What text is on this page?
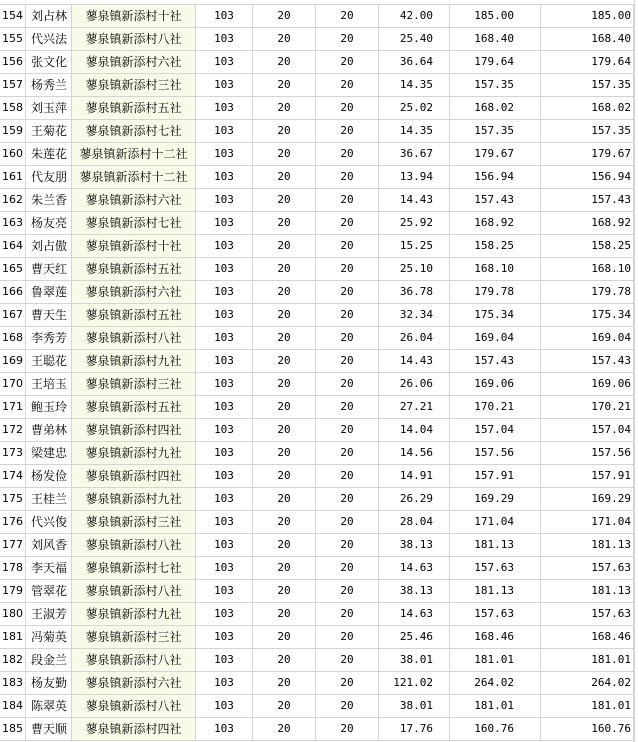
154 刘占林	蓼泉镇新添村十社	103	20	20	42.00	185.00	185.00
155 代兴法	蓼泉镇新添村八社	103	20	20	25.40	168.40	168.40
156 张文化	蓼泉镇新添村六社	103	20	20	36.64	179.64	179.64
157 杨秀兰	蓼泉镇新添村三社	103	20	20	14.35	157.35	157.35
158 刘玉萍	蓼泉镇新添村五社	103	20	20	25.02	168.02	168.02
159 王菊花	蓼泉镇新添村七社	103	20	20	14.35	157.35	157.35
160 朱莲花	蓼泉镇新添村十二社	103	20	20	36.67	179.67	179.67
161 代友朋	蓼泉镇新添村十二社	103	20	20	13.94	156.94	156.94
162 朱兰香	蓼泉镇新添村六社	103	20	20	14.43	157.43	157.43
163 杨友亮	蓼泉镇新添村七社	103	20	20	25.92	168.92	168.92
164 刘占傲	蓼泉镇新添村十社	103	20	20	15.25	158.25	158.25
165 曹天红	蓼泉镇新添村五社	103	20	20	25.10	168.10	168.10
166 鲁翠莲	蓼泉镇新添村六社	103	20	20	36.78	179.78	179.78
167 曹天生	蓼泉镇新添村五社	103	20	20	32.34	175.34	175.34
168 李秀芳	蓼泉镇新添村八社	103	20	20	26.04	169.04	169.04
169 王聪花	蓼泉镇新添村九社	103	20	20	14.43	157.43	157.43
170 王培玉	蓼泉镇新添村三社	103	20	20	26.06	169.06	169.06
171 鲍玉玲	蓼泉镇新添村五社	103	20	20	27.21	170.21	170.21
172 曹弟林	蓼泉镇新添村四社	103	20	20	14.04	157.04	157.04
173 梁建忠	蓼泉镇新添村九社	103	20	20	14.56	157.56	157.56
174 杨发俭	蓼泉镇新添村四社	103	20	20	14.91	157.91	157.91
175 王桂兰	蓼泉镇新添村九社	103	20	20	26.29	169.29	169.29
176 代兴俊	蓼泉镇新添村三社	103	20	20	28.04	171.04	171.04
177 刘风香	蓼泉镇新添村八社	103	20	20	38.13	181.13	181.13
178 李天福	蓼泉镇新添村七社	103	20	20	14.63	157.63	157.63
179 管翠花	蓼泉镇新添村八社	103	20	20	38.13	181.13	181.13
180 王淑芳	蓼泉镇新添村九社	103	20	20	14.63	157.63	157.63
181 冯菊英	蓼泉镇新添村三社	103	20	20	25.46	168.46	168.46
182 段金兰	蓼泉镇新添村八社	103	20	20	38.01	181.01	181.01
183 杨友勤	蓼泉镇新添村六社	103	20	20	121.02	264.02	264.02
184 陈翠英	蓼泉镇新添村八社	103	20	20	38.01	181.01	181.01
185 曹天顺	蓼泉镇新添村四社	103	20	20	17.76	160.76	160.76
